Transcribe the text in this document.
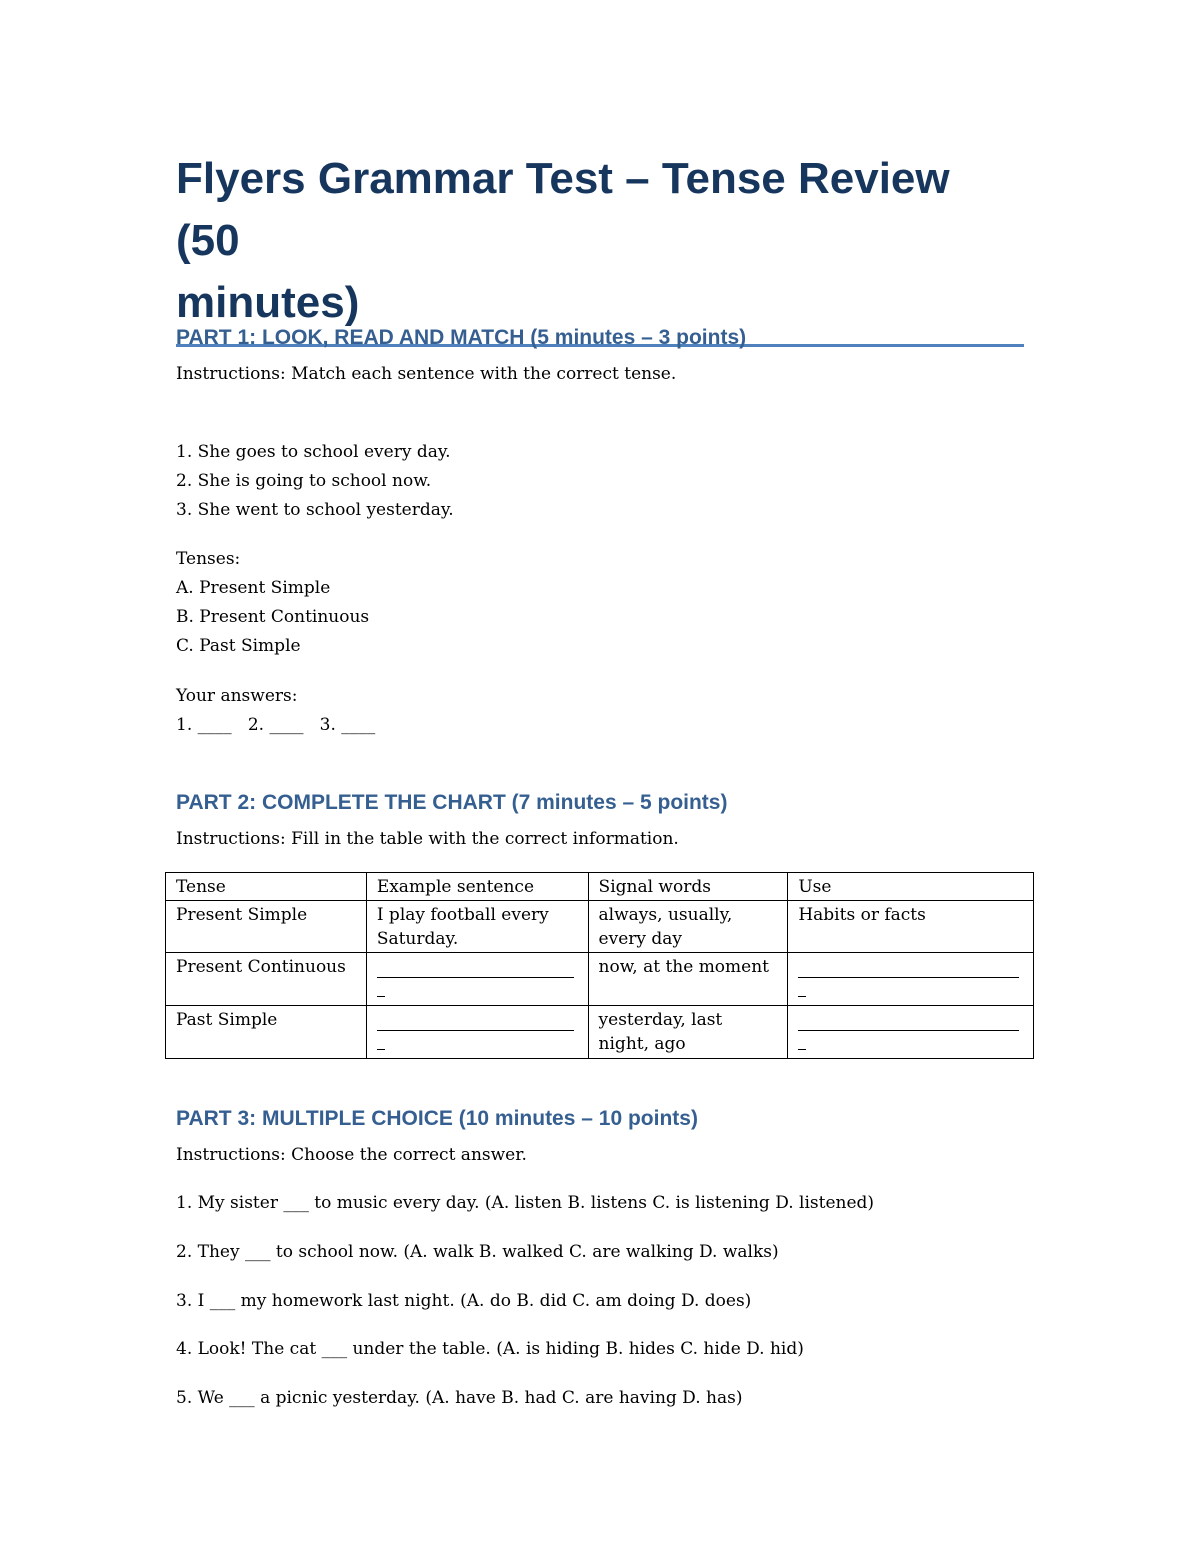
Flyers Grammar Test – Tense Review (50
minutes)
PART 1: LOOK, READ AND MATCH (5 minutes – 3 points)

Instructions: Match each sentence with the correct tense.

1. She goes to school every day.

2. She is going to school now.

3. She went to school yesterday.

Tenses:

A. Present Simple

B. Present Continuous

C. Past Simple

Your answers:

1. ____   2. ____   3. ____

PART 2: COMPLETE THE CHART (7 minutes – 5 points)

Instructions: Fill in the table with the correct information.

Tense	Example sentence	Signal words	Use
Present Simple	I play football every Saturday.	always, usually, every day	Habits or facts
Present Continuous		now, at the moment	

Past Simple		yesterday, last night, ago	
PART 3: MULTIPLE CHOICE (10 minutes – 10 points)

Instructions: Choose the correct answer.

1. My sister ___ to music every day. (A. listen B. listens C. is listening D. listened)

2. They ___ to school now. (A. walk B. walked C. are walking D. walks)

3. I ___ my homework last night. (A. do B. did C. am doing D. does)

4. Look! The cat ___ under the table. (A. is hiding B. hides C. hide D. hid)

5. We ___ a picnic yesterday. (A. have B. had C. are having D. has)
